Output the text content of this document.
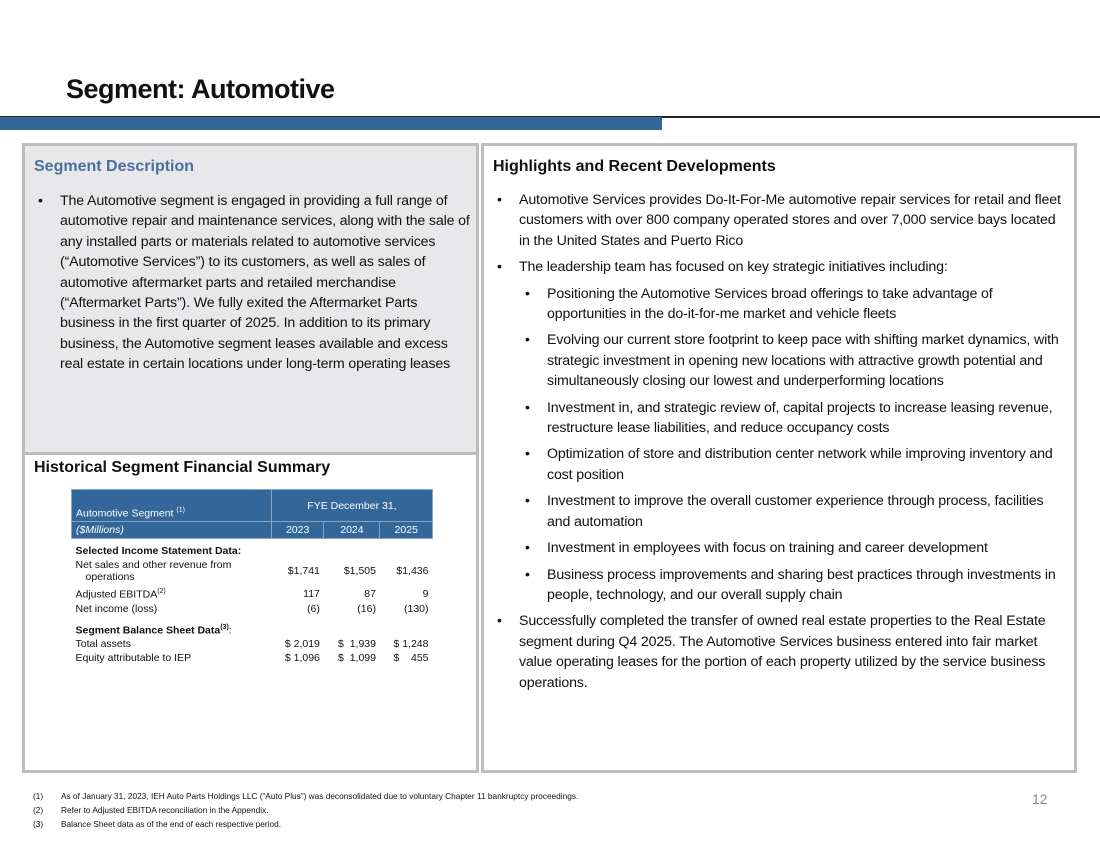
Segment: Automotive
Segment Description
• The Automotive segment is engaged in providing a full range of automotive repair and maintenance services, along with the sale of any installed parts or materials related to automotive services (“Automotive Services”) to its customers, as well as sales of automotive aftermarket parts and retailed merchandise (“Aftermarket Parts”). We fully exited the Aftermarket Parts business in the first quarter of 2025. In addition to its primary business, the Automotive segment leases available and excess real estate in certain locations under long-term operating leases
Historical Segment Financial Summary
Automotive Segment $^{(1)}$	FYE December 31,		
($Millions)	2023	2024	2025
Selected Income Statement Data:			
Net sales and other revenue from
operations	$1,741	$1,505	$1,436
Adjusted EBITDA$^{(2)}$	117	87	9
Net income (loss)	(6)	(16)	(130)
Segment Balance Sheet Data$^{(3)}$:			
Total assets	$ 2,019	$  1,939	$ 1,248
Equity attributable to IEP	$ 1,096	$  1,099	$    455
Highlights and Recent Developments
• Automotive Services provides Do-It-For-Me automotive repair services for retail and fleet customers with over 800 company operated stores and over 7,000 service bays located in the United States and Puerto Rico
• The leadership team has focused on key strategic initiatives including:
• Positioning the Automotive Services broad offerings to take advantage of opportunities in the do-it-for-me market and vehicle fleets
• Evolving our current store footprint to keep pace with shifting market dynamics, with strategic investment in opening new locations with attractive growth potential and simultaneously closing our lowest and underperforming locations
• Investment in, and strategic review of, capital projects to increase leasing revenue, restructure lease liabilities, and reduce occupancy costs
• Optimization of store and distribution center network while improving inventory and cost position
• Investment to improve the overall customer experience through process, facilities and automation
• Investment in employees with focus on training and career development
• Business process improvements and sharing best practices through investments in people, technology, and our overall supply chain
• Successfully completed the transfer of owned real estate properties to the Real Estate segment during Q4 2025. The Automotive Services business entered into fair market value operating leases for the portion of each property utilized by the service business operations.
12
(1) As of January 31, 2023, IEH Auto Parts Holdings LLC (“Auto Plus”) was deconsolidated due to voluntary Chapter 11 bankruptcy proceedings.
(2) Refer to Adjusted EBITDA reconciliation in the Appendix.
(3) Balance Sheet data as of the end of each respective period.
